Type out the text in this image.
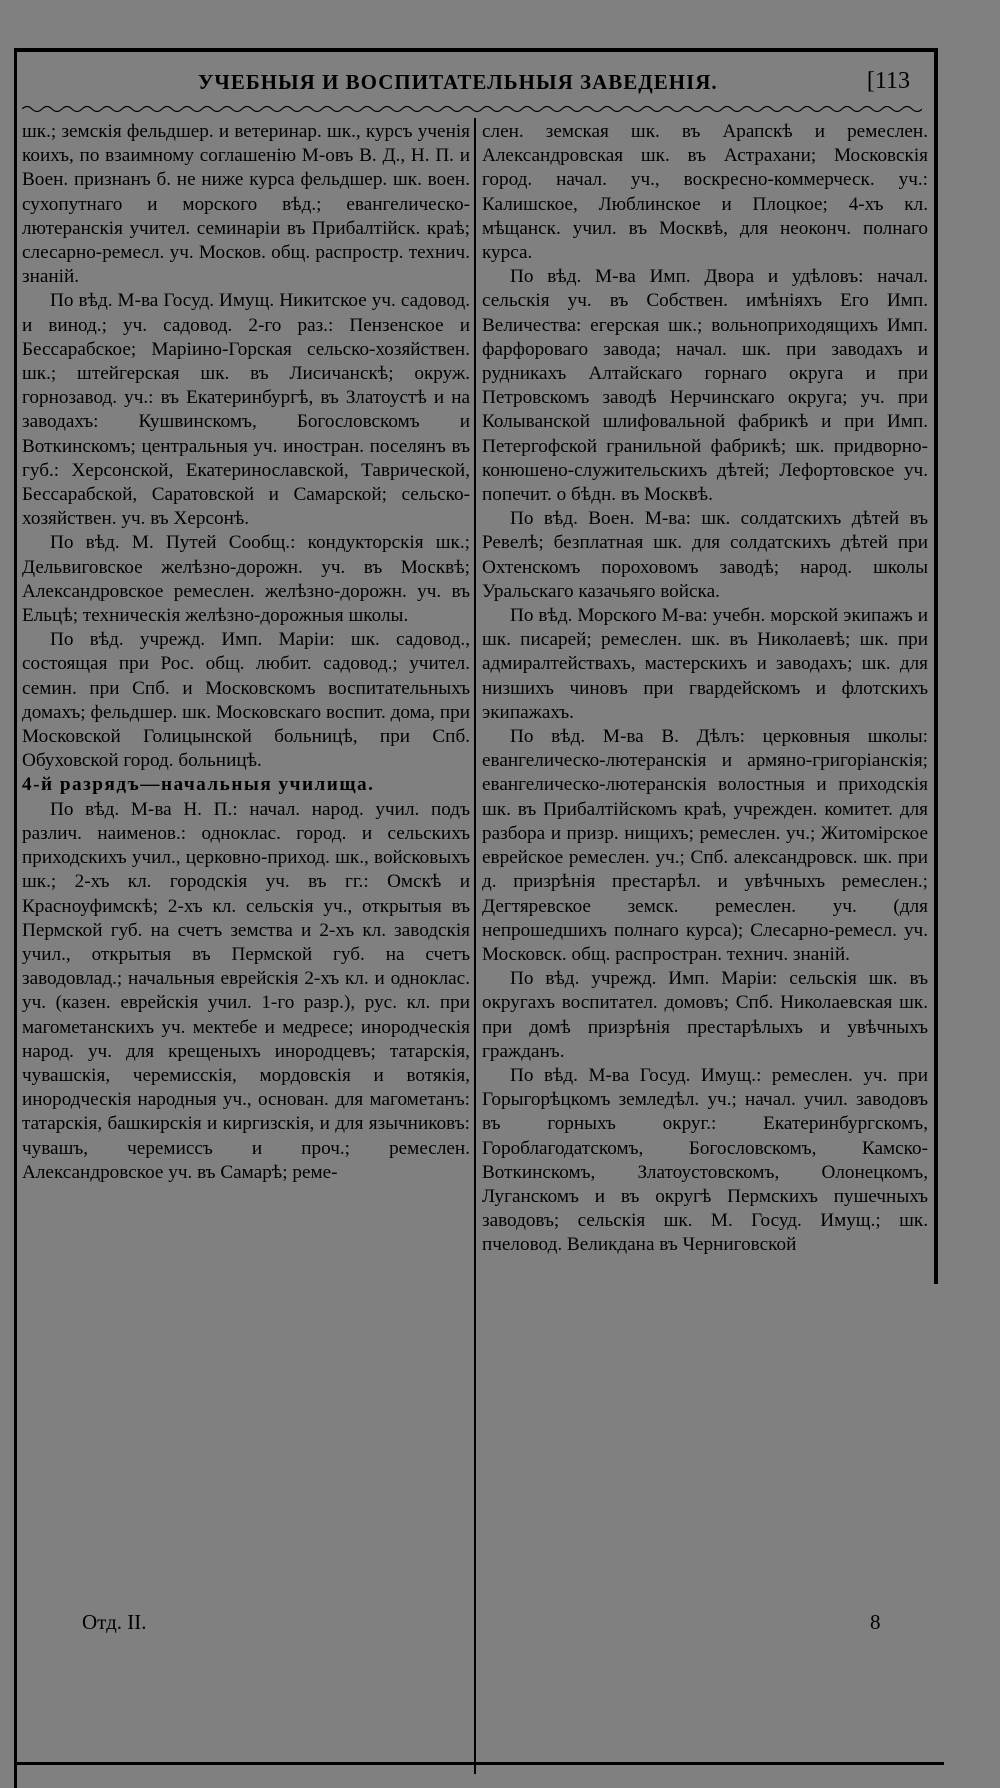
УЧЕБНЫЯ И ВОСПИТАТЕЛЬНЫЯ ЗАВЕДЕНІЯ.	[113

шк.; земскія фельдшер. и ветеринар. шк., курсъ ученія коихъ, по взаимному соглашенію М-овъ В. Д., Н. П. и Воен. признанъ б. не ниже курса фельдшер. шк. воен. сухопутнаго и морского вѣд.; евангелическо-лютеранскія учител. семинаріи въ Прибалтійск. краѣ; слесарно-ремесл. уч. Москов. общ. распростр. технич. знаній.

По вѣд. М-ва Госуд. Имущ. Никитское уч. садовод. и винод.; уч. садовод. 2-го раз.: Пензенское и Бессарабское; Маріино-Горская сельско-хозяйствен. шк.; штейгерская шк. въ Лисичанскѣ; окруж. горнозавод. уч.: въ Екатеринбургѣ, въ Златоустѣ и на заводахъ: Кушвинскомъ, Богословскомъ и Воткинскомъ; центральныя уч. иностран. поселянъ въ губ.: Херсонской, Екатеринославской, Таврической, Бессарабской, Саратовской и Самарской; сельско-хозяйствен. уч. въ Херсонѣ.

По вѣд. М. Путей Сообщ.: кондукторскія шк.; Дельвиговское желѣзно-дорожн. уч. въ Москвѣ; Александровское ремеслен. желѣзно-дорожн. уч. въ Ельцѣ; техническія желѣзно-дорожныя школы.

По вѣд. учрежд. Имп. Маріи: шк. садовод., состоящая при Рос. общ. любит. садовод.; учител. семин. при Спб. и Московскомъ воспитательныхъ домахъ; фельдшер. шк. Московскаго воспит. дома, при Московской Голицынской больницѣ, при Спб. Обуховской город. больницѣ.

4-й разрядъ—начальныя училища.

По вѣд. М-ва Н. П.: начал. народ. учил. подъ различ. наименов.: одноклас. город. и сельскихъ приходскихъ учил., церковно-приход. шк., войсковыхъ шк.; 2-хъ кл. городскія уч. въ гг.: Омскѣ и Красноуфимскѣ; 2-хъ кл. сельскія уч., открытыя въ Пермской губ. на счетъ земства и 2-хъ кл. заводскія учил., открытыя въ Пермской губ. на счетъ заводовлад.; начальныя еврейскія 2-хъ кл. и одноклас. уч. (казен. еврейскія учил. 1-го разр.), рус. кл. при магометанскихъ уч. мектебе и медресе; инородческія народ. уч. для крещеныхъ инородцевъ; татарскія, чувашскія, черемисскія, мордовскія и вотякія, инородческія народныя уч., основан. для магометанъ: татарскія, башкирскія и киргизскія, и для язычниковъ: чувашъ, черемиссъ и проч.; ремеслен. Александровское уч. въ Самарѣ; реме-

слен. земская шк. въ Арапскѣ и ремеслен. Александровская шк. въ Астрахани; Московскія город. начал. уч., воскресно-коммерческ. уч.: Калишское, Люблинское и Плоцкое; 4-хъ кл. мѣщанск. учил. въ Москвѣ, для неоконч. полнаго курса.

По вѣд. М-ва Имп. Двора и удѣловъ: начал. сельскія уч. въ Собствен. имѣніяхъ Его Имп. Величества: егерская шк.; вольноприходящихъ Имп. фарфороваго завода; начал. шк. при заводахъ и рудникахъ Алтайскаго горнаго округа и при Петровскомъ заводѣ Нерчинскаго округа; уч. при Колыванской шлифовальной фабрикѣ и при Имп. Петергофской гранильной фабрикѣ; шк. придворно-конюшено-служительскихъ дѣтей; Лефортовское уч. попечит. о бѣдн. въ Москвѣ.

По вѣд. Воен. М-ва: шк. солдатскихъ дѣтей въ Ревелѣ; безплатная шк. для солдатскихъ дѣтей при Охтенскомъ пороховомъ заводѣ; народ. школы Уральскаго казачьяго войска.

По вѣд. Морского М-ва: учебн. морской экипажъ и шк. писарей; ремеслен. шк. въ Николаевѣ; шк. при адмиралтействахъ, мастерскихъ и заводахъ; шк. для низшихъ чиновъ при гвардейскомъ и флотскихъ экипажахъ.

По вѣд. М-ва В. Дѣлъ: церковныя школы: евангелическо-лютеранскія и армяно-григоріанскія; евангелическо-лютеранскія волостныя и приходскія шк. въ Прибалтійскомъ краѣ, учрежден. комитет. для разбора и призр. нищихъ; ремеслен. уч.; Житомірское еврейское ремеслен. уч.; Спб. александровск. шк. при д. призрѣнія престарѣл. и увѣчныхъ ремеслен.; Дегтяревское земск. ремеслен. уч. (для непрошедшихъ полнаго курса); Слесарно-ремесл. уч. Московск. общ. распростран. технич. знаній.

По вѣд. учрежд. Имп. Маріи: сельскія шк. въ округахъ воспитател. домовъ; Спб. Николаевская шк. при домѣ призрѣнія престарѣлыхъ и увѣчныхъ гражданъ.

По вѣд. М-ва Госуд. Имущ.: ремеслен. уч. при Горыгорѣцкомъ земледѣл. уч.; начал. учил. заводовъ въ горныхъ округ.: Екатеринбургскомъ, Гороблагодатскомъ, Богословскомъ, Камско-Воткинскомъ, Златоустовскомъ, Олонецкомъ, Луганскомъ и въ округѣ Пермскихъ пушечныхъ заводовъ; сельскія шк. М. Госуд. Имущ.; шк. пчеловод. Великдана въ Черниговской

Отд. II.	8
